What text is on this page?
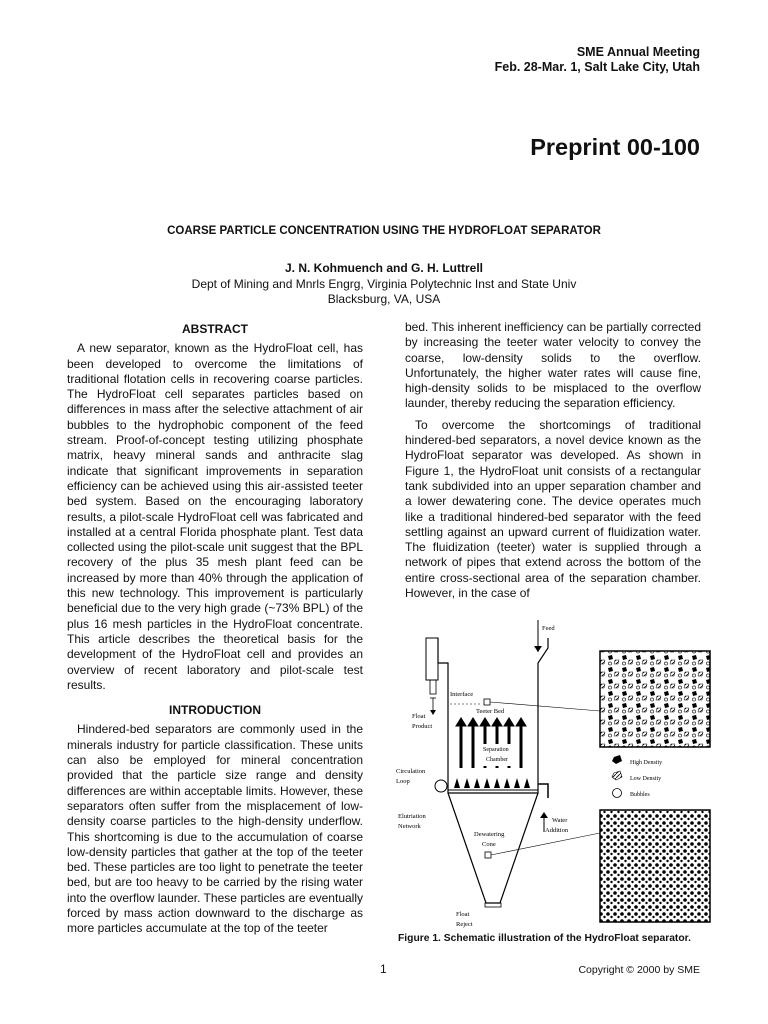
SME Annual Meeting
Feb. 28-Mar. 1, Salt Lake City, Utah
Preprint 00-100
COARSE PARTICLE CONCENTRATION USING THE HYDROFLOAT SEPARATOR
J. N. Kohmuench and G. H. Luttrell
Dept of Mining and Mnrls Engrg, Virginia Polytechnic Inst and State Univ
Blacksburg, VA, USA
ABSTRACT

A new separator, known as the HydroFloat cell, has been developed to overcome the limitations of traditional flotation cells in recovering coarse particles. The HydroFloat cell separates particles based on differences in mass after the selective attachment of air bubbles to the hydrophobic component of the feed stream. Proof-of-concept testing utilizing phosphate matrix, heavy mineral sands and anthracite slag indicate that significant improvements in separation efficiency can be achieved using this air-assisted teeter bed system. Based on the encouraging laboratory results, a pilot-scale HydroFloat cell was fabricated and installed at a central Florida phosphate plant. Test data collected using the pilot-scale unit suggest that the BPL recovery of the plus 35 mesh plant feed can be increased by more than 40% through the application of this new technology. This improvement is particularly beneficial due to the very high grade (~73% BPL) of the plus 16 mesh particles in the HydroFloat concentrate. This article describes the theoretical basis for the development of the HydroFloat cell and provides an overview of recent laboratory and pilot-scale test results.

INTRODUCTION

Hindered-bed separators are commonly used in the minerals industry for particle classification. These units can also be employed for mineral concentration provided that the particle size range and density differences are within acceptable limits. However, these separators often suffer from the misplacement of low-density coarse particles to the high-density underflow. This shortcoming is due to the accumulation of coarse low-density particles that gather at the top of the teeter bed. These particles are too light to penetrate the teeter bed, but are too heavy to be carried by the rising water into the overflow launder. These particles are eventually forced by mass action downward to the discharge as more particles accumulate at the top of the teeter

bed. This inherent inefficiency can be partially corrected by increasing the teeter water velocity to convey the coarse, low-density solids to the overflow. Unfortunately, the higher water rates will cause fine, high-density solids to be misplaced to the overflow launder, thereby reducing the separation efficiency.

To overcome the shortcomings of traditional hindered-bed separators, a novel device known as the HydroFloat separator was developed. As shown in Figure 1, the HydroFloat unit consists of a rectangular tank subdivided into an upper separation chamber and a lower dewatering cone. The device operates much like a traditional hindered-bed separator with the feed settling against an upward current of fluidization water. The fluidization (teeter) water is supplied through a network of pipes that extend across the bottom of the entire cross-sectional area of the separation chamber. However, in the case of

Feed
Interface
Teeter Bed
Float
Product
Separation
Chamber
Circulation
Loop
Elutriation
Network
Water
Addition
Dewatering
Cone
Float
Reject
High Density
Low Density
Bubbles
Figure 1. Schematic illustration of the HydroFloat separator.
1	Copyright © 2000 by SME
